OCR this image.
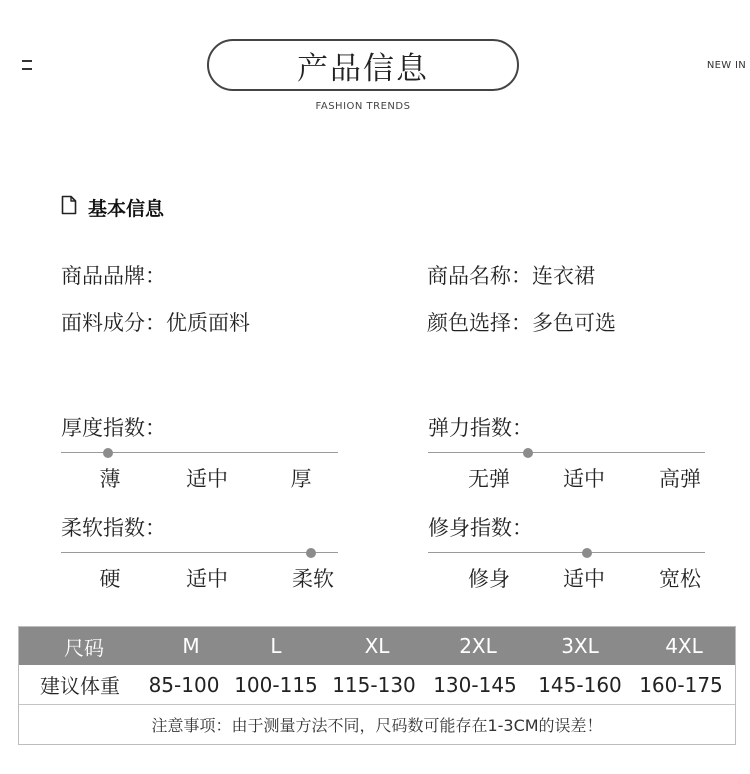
产品信息
FASHION TRENDS
NEW IN
基本信息
商品品牌：	商品名称：连衣裙
面料成分：优质面料	颜色选择：多色可选
厚度指数：
薄	适中	厚
弹力指数：
无弹	适中	高弹
柔软指数：
硬	适中	柔软
修身指数：
修身	适中	宽松
尺码	M	L	XL	2XL	3XL	4XL
建议体重	85-100 100-115 115-130 130-145	145-160 160-175
注意事项：由于测量方法不同，尺码数可能存在1-3CM的误差！
